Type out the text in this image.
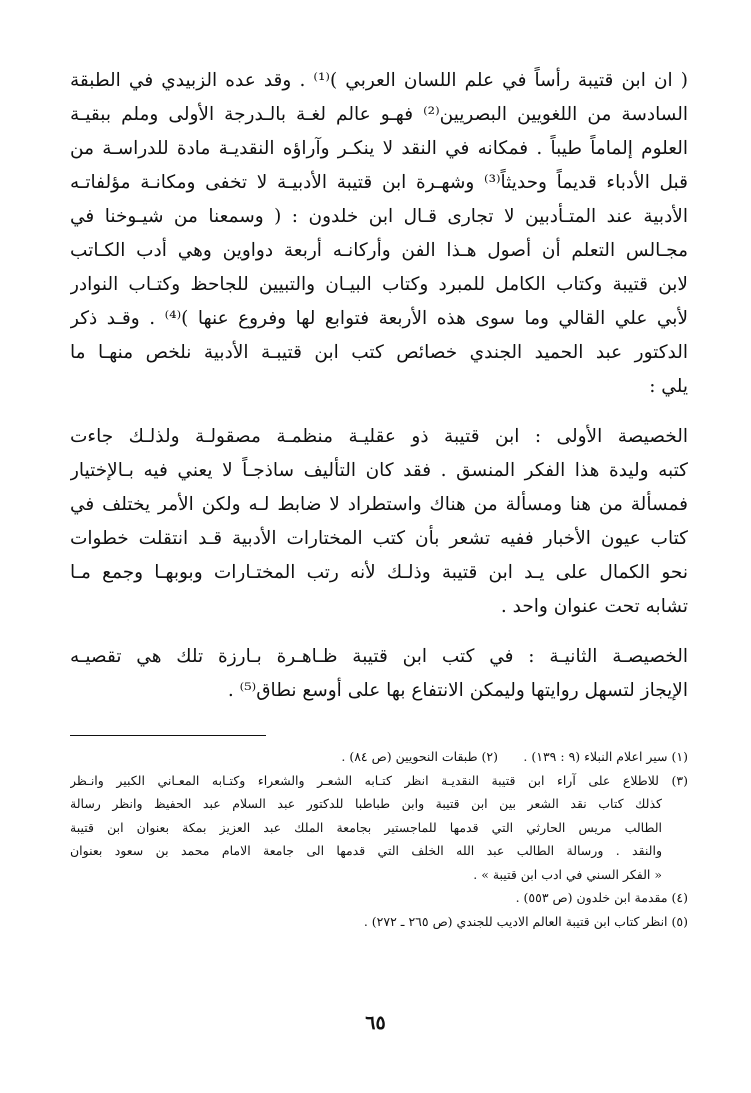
( ان ابن قتيبة رأساً في علم اللسان العربي )⁽¹⁾ . وقد عده الزبيدي في الطبقة
السادسة من اللغويين البصريين⁽²⁾ فهـو عالم لغـة بالـدرجة الأولى وملم ببقيـة
العلوم إلماماً طيباً . فمكانه في النقد لا ينكـر وآراؤه النقديـة مادة للدراسـة من
قبل الأدباء قديماً وحديثاً⁽³⁾ وشهـرة ابن قتيبة الأدبيـة لا تخفى ومكانـة مؤلفاتـه
الأدبية عند المتـأدبين لا تجارى قـال ابن خلدون : ( وسمعنا من شيـوخنا في
مجـالس التعلم أن أصول هـذا الفن وأركانـه أربعة دواوين وهي أدب الكـاتب
لابن قتيبة وكتاب الكامل للمبرد وكتاب البيـان والتبيين للجاحظ وكتـاب النوادر
لأبي علي القالي وما سوى هذه الأربعة فتوابع لها وفروع عنها )⁽⁴⁾ . وقـد ذكر
الدكتور عبد الحميد الجندي خصائص كتب ابن قتيبـة الأدبية نلخص منهـا ما
يلي :
الخصيصة الأولى : ابن قتيبة ذو عقليـة منظمـة مصقولـة ولذلـك جاءت
كتبه وليدة هذا الفكر المنسق . فقد كان التأليف ساذجـاً لا يعني فيه بـالإختيار
فمسألة من هنا ومسألة من هناك واستطراد لا ضابط لـه ولكن الأمر يختلف في
كتاب عيون الأخبار ففيه تشعر بأن كتب المختارات الأدبية قـد انتقلت خطوات
نحو الكمال على يـد ابن قتيبة وذلـك لأنه رتب المختـارات وبوبهـا وجمع مـا
تشابه تحت عنوان واحد .
الخصيصـة الثانيـة : في كتب ابن قتيبة ظـاهـرة بـارزة تلك هي تقصيـه
الإيجاز لتسهل روايتها وليمكن الانتفاع بها على أوسع نطاق⁽⁵⁾ .
(١) سير اعلام النبلاء (٩ : ١٣٩) .
(٢) طبقات النحويين (ص ٨٤) .
(٣) للاطلاع على آراء ابن قتيبة النقديـة انظر كتـابه الشعـر والشعراء وكتـابه المعـاني الكبير وانـظر
كذلك كتاب نقد الشعر بين ابن قتيبة وابن طباطبا للدكتور عبد السلام عبد الحفيظ وانظر رسالة
الطالب مريس الحارثي التي قدمها للماجستير بجامعة الملك عبد العزيز بمكة بعنوان ابن قتيبة
والنقد . ورسالة الطالب عبد الله الخلف التي قدمها الى جامعة الامام محمد بن سعود بعنوان
« الفكر السني في ادب ابن قتيبة » .
(٤) مقدمة ابن خلدون (ص ٥٥٣) .
(٥) انظر كتاب ابن قتيبة العالم الاديب للجندي (ص ٢٦٥ ـ ٢٧٢) .
٦٥
